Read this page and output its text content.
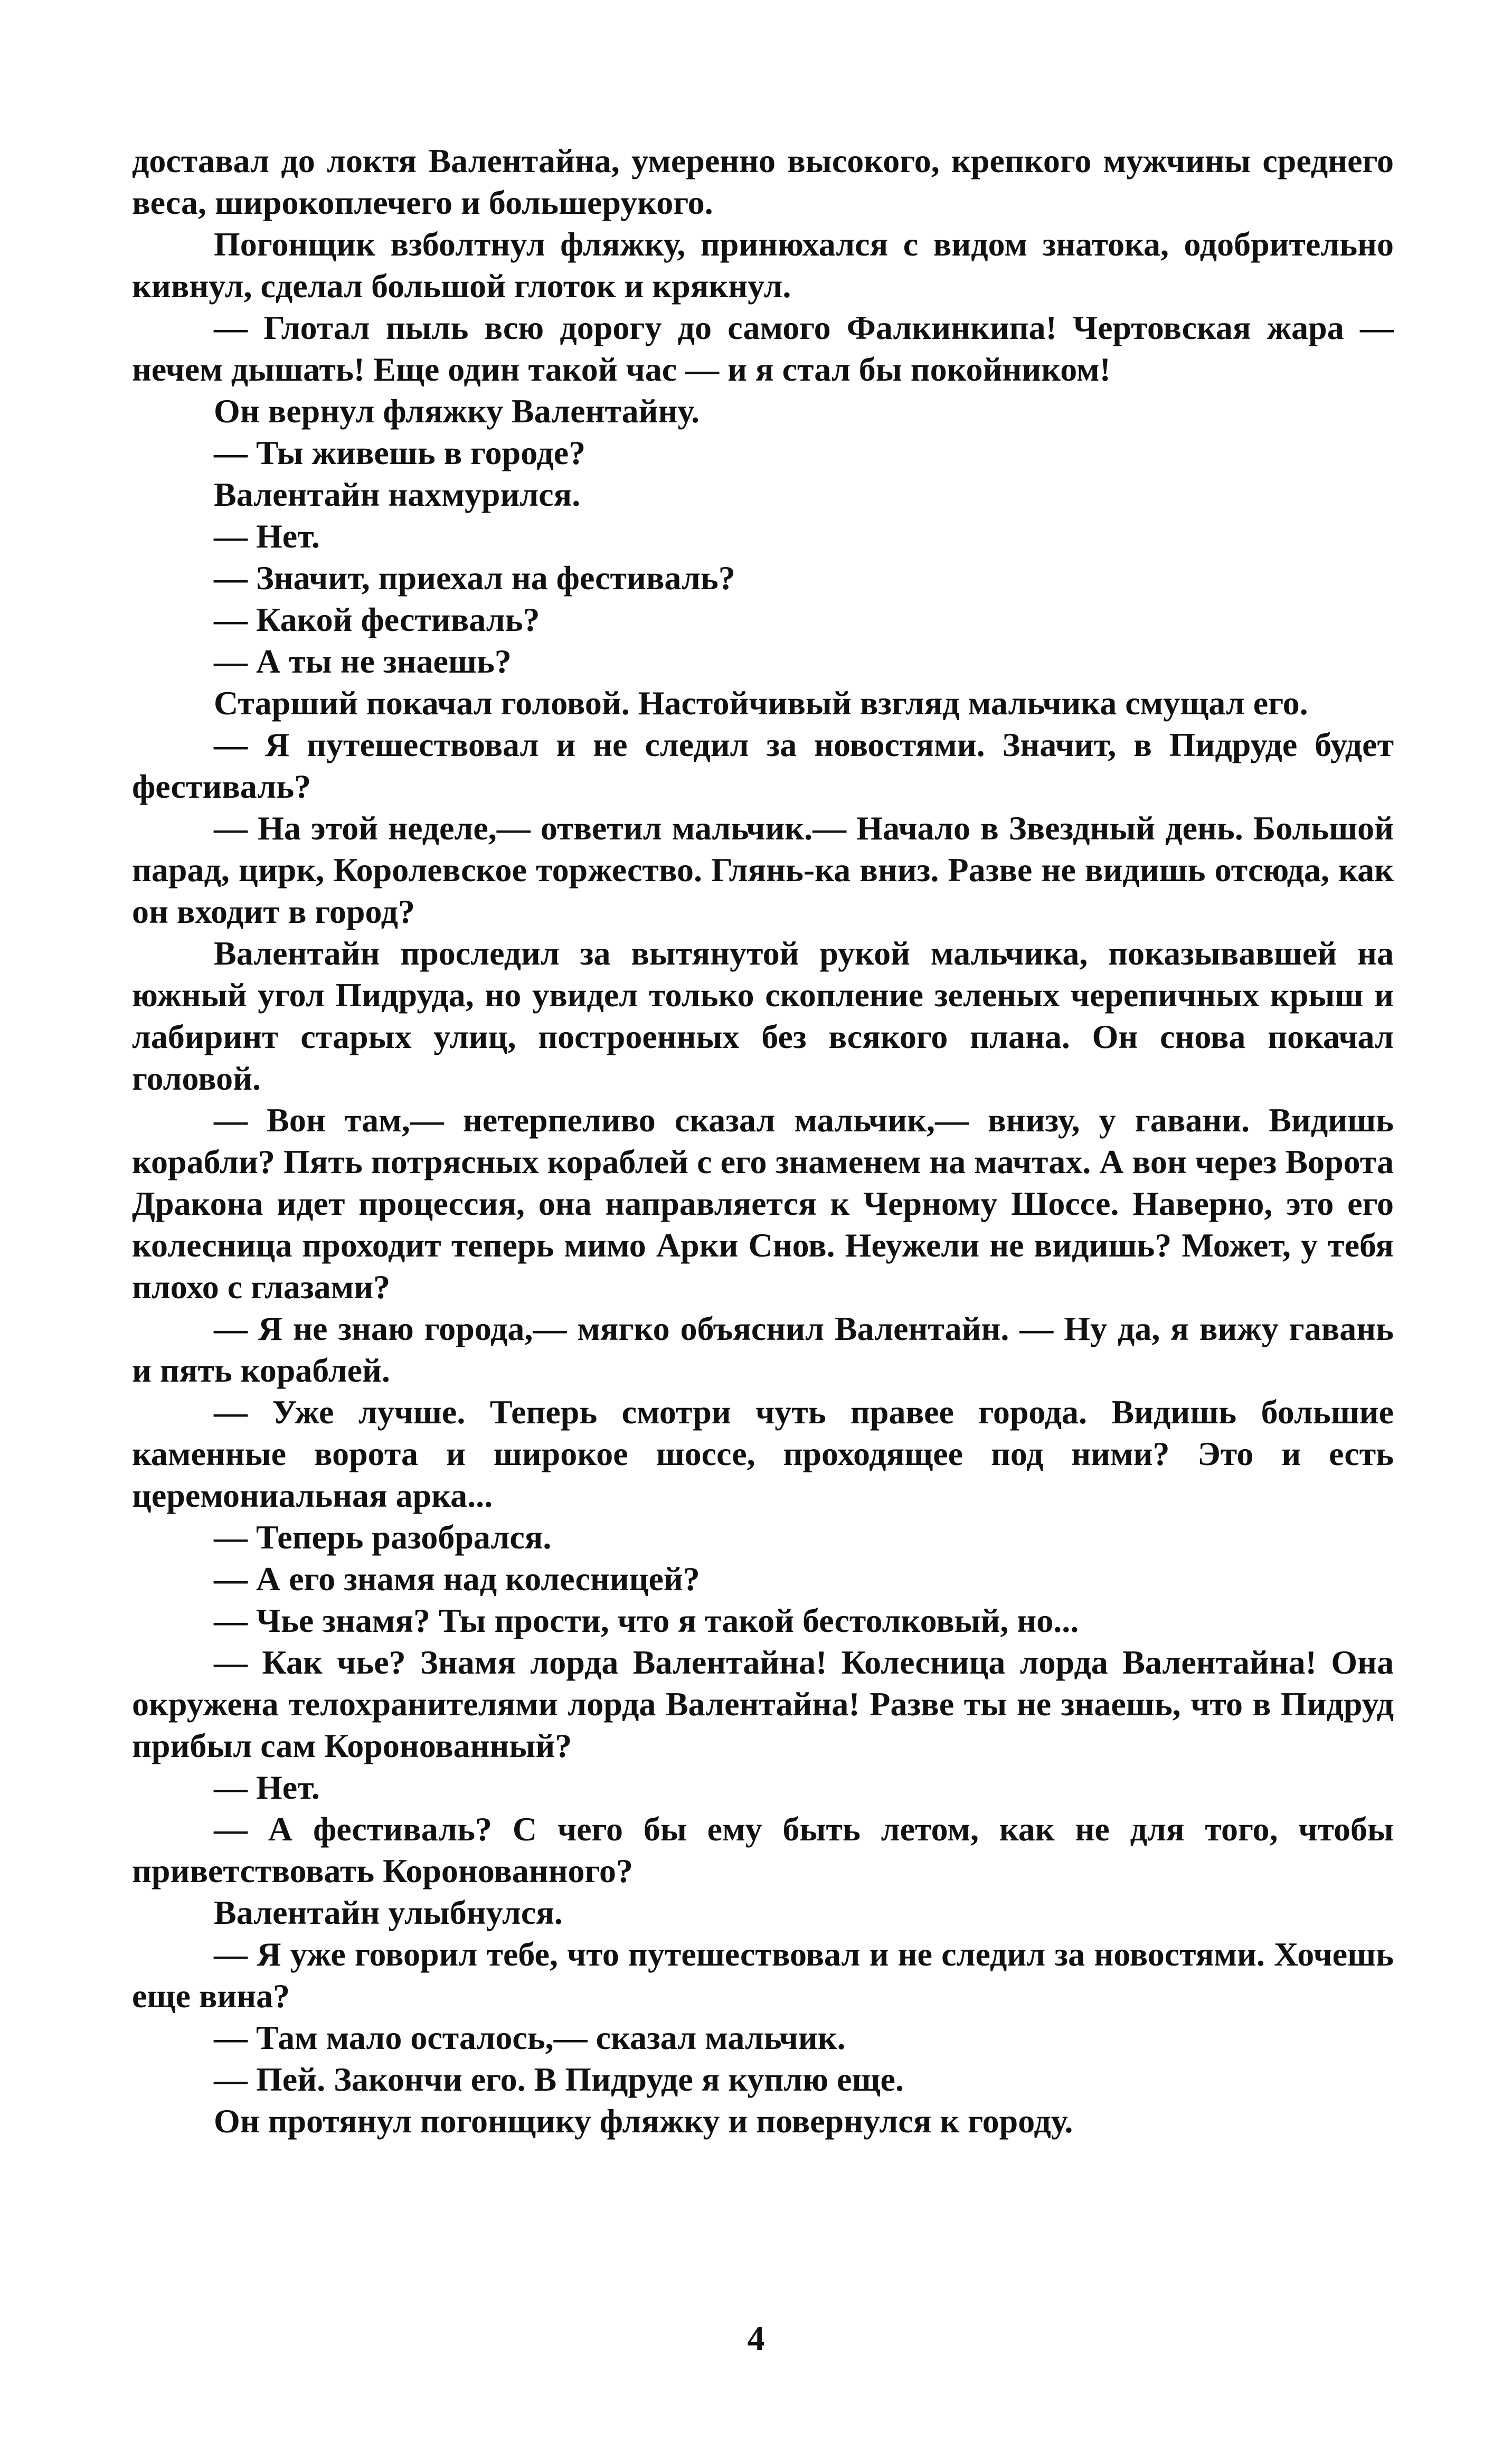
доставал до локтя Валентайна, умеренно высокого, крепкого мужчины среднего веса, широкоплечего и большерукого.

Погонщик взболтнул фляжку, принюхался с видом знатока, одобрительно кивнул, сделал большой глоток и крякнул.

— Глотал пыль всю дорогу до самого Фалкинкипа! Чертовская жара — нечем дышать! Еще один такой час — и я стал бы покойником!

Он вернул фляжку Валентайну.

— Ты живешь в городе?

Валентайн нахмурился.

— Нет.

— Значит, приехал на фестиваль?

— Какой фестиваль?

— А ты не знаешь?

Старший покачал головой. Настойчивый взгляд мальчика смущал его.

— Я путешествовал и не следил за новостями. Значит, в Пидруде будет фестиваль?

— На этой неделе,— ответил мальчик.— Начало в Звездный день. Большой парад, цирк, Королевское торжество. Глянь-ка вниз. Разве не видишь отсюда, как он входит в город?

Валентайн проследил за вытянутой рукой мальчика, показывавшей на южный угол Пидруда, но увидел только скопление зеленых черепичных крыш и лабиринт старых улиц, построенных без всякого плана. Он снова покачал головой.

— Вон там,— нетерпеливо сказал мальчик,— внизу, у гавани. Видишь корабли? Пять потрясных кораблей с его знаменем на мачтах. А вон через Ворота Дракона идет процессия, она направляется к Черному Шоссе. Наверно, это его колесница проходит теперь мимо Арки Снов. Неужели не видишь? Может, у тебя плохо с глазами?

— Я не знаю города,— мягко объяснил Валентайн. — Ну да, я вижу гавань и пять кораблей.

— Уже лучше. Теперь смотри чуть правее города. Видишь большие каменные ворота и широкое шоссе, проходящее под ними? Это и есть церемониальная арка...

— Теперь разобрался.

— А его знамя над колесницей?

— Чье знамя? Ты прости, что я такой бестолковый, но...

— Как чье? Знамя лорда Валентайна! Колесница лорда Валентайна! Она окружена телохранителями лорда Валентайна! Разве ты не знаешь, что в Пидруд прибыл сам Коронованный?

— Нет.

— А фестиваль? С чего бы ему быть летом, как не для того, чтобы приветствовать Коронованного?

Валентайн улыбнулся.

— Я уже говорил тебе, что путешествовал и не следил за новостями. Хочешь еще вина?

— Там мало осталось,— сказал мальчик.

— Пей. Закончи его. В Пидруде я куплю еще.

Он протянул погонщику фляжку и повернулся к городу.

4
